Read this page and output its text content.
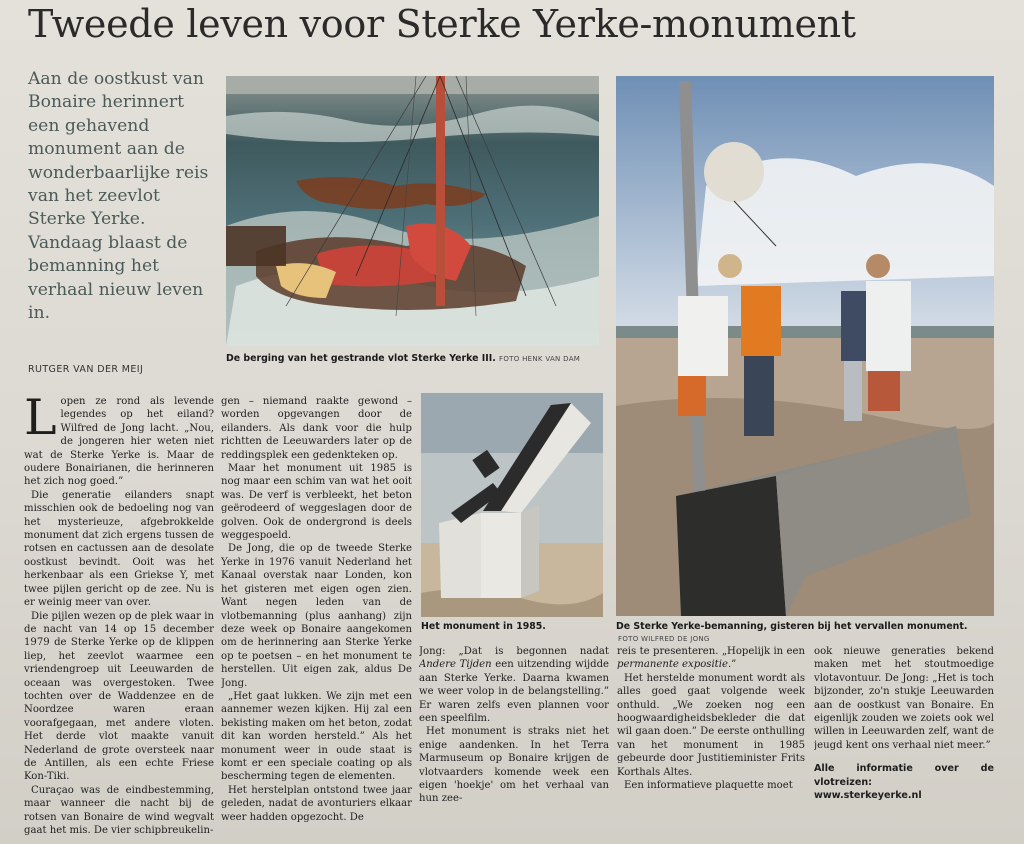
Tweede leven voor Sterke Yerke-monument

Aan de oostkust van Bonaire herinnert een gehavend monument aan de wonderbaarlijke reis van het zeevlot Sterke Yerke. Vandaag blaast de bemanning het verhaal nieuw leven in.

RUTGER VAN DER MEIJ
De berging van het gestrande vlot Sterke Yerke III. FOTO HENK VAN DAM
Het monument in 1985.	De Sterke Yerke-bemanning, gisteren bij het vervallen monument.
FOTO WILFRED DE JONG

Lopen ze rond als levende legendes op het eiland? Wilfred de Jong lacht. „Nou, de jongeren hier weten niet wat de Sterke Yerke is. Maar de oudere Bonairianen, die herinneren het zich nog goed.”

Die generatie eilanders snapt misschien ook de bedoeling nog van het mysterieuze, afgebrokkelde monument dat zich ergens tussen de rotsen en cactussen aan de desolate oostkust bevindt. Ooit was het herkenbaar als een Griekse Y, met twee pijlen gericht op de zee. Nu is er weinig meer van over.

Die pijlen wezen op de plek waar in de nacht van 14 op 15 december 1979 de Sterke Yerke op de klippen liep, het zeevlot waarmee een vriendengroep uit Leeuwarden de oceaan was overgestoken. Twee tochten over de Waddenzee en de Noordzee waren eraan voorafgegaan, met andere vloten. Het derde vlot maakte vanuit Nederland de grote oversteek naar de Antillen, als een echte Friese Kon-Tiki.

Curaçao was de eindbestemming, maar wanneer die nacht bij de rotsen van Bonaire de wind wegvalt gaat het mis. De vier schipbreukelin-

gen – niemand raakte gewond – worden opgevangen door de eilanders. Als dank voor die hulp richtten de Leeuwarders later op de reddingsplek een gedenkteken op.

Maar het monument uit 1985 is nog maar een schim van wat het ooit was. De verf is verbleekt, het beton geërodeerd of weggeslagen door de golven. Ook de ondergrond is deels weggespoeld.

De Jong, die op de tweede Sterke Yerke in 1976 vanuit Nederland het Kanaal overstak naar Londen, kon het gisteren met eigen ogen zien. Want negen leden van de vlotbemanning (plus aanhang) zijn deze week op Bonaire aangekomen om de herinnering aan Sterke Yerke op te poetsen – en het monument te herstellen. Uit eigen zak, aldus De Jong.

„Het gaat lukken. We zijn met een aannemer wezen kijken. Hij zal een bekisting maken om het beton, zodat dit kan worden hersteld.” Als het monument weer in oude staat is komt er een speciale coating op als bescherming tegen de elementen.

Het herstelplan ontstond twee jaar geleden, nadat de avonturiers elkaar weer hadden opgezocht. De

Jong: „Dat is begonnen nadat Andere Tijden een uitzending wijdde aan Sterke Yerke. Daarna kwamen we weer volop in de belangstelling.” Er waren zelfs even plannen voor een speelfilm.

Het monument is straks niet het enige aandenken. In het Terra Marmuseum op Bonaire krijgen de vlotvaarders komende week een eigen 'hoekje' om het verhaal van hun zee-

reis te presenteren. „Hopelijk in een permanente expositie.”

Het herstelde monument wordt als alles goed gaat volgende week onthuld. „We zoeken nog een hoogwaardigheidsbekleder die dat wil gaan doen.” De eerste onthulling van het monument in 1985 gebeurde door Justitieminister Frits Korthals Altes.

Een informatieve plaquette moet

ook nieuwe generaties bekend maken met het stoutmoedige vlotavontuur. De Jong: „Het is toch bijzonder, zo'n stukje Leeuwarden aan de oostkust van Bonaire. En eigenlijk zouden we zoiets ook wel willen in Leeuwarden zelf, want de jeugd kent ons verhaal niet meer.”

Alle informatie over de vlotreizen:

www.sterkeyerke.nl
